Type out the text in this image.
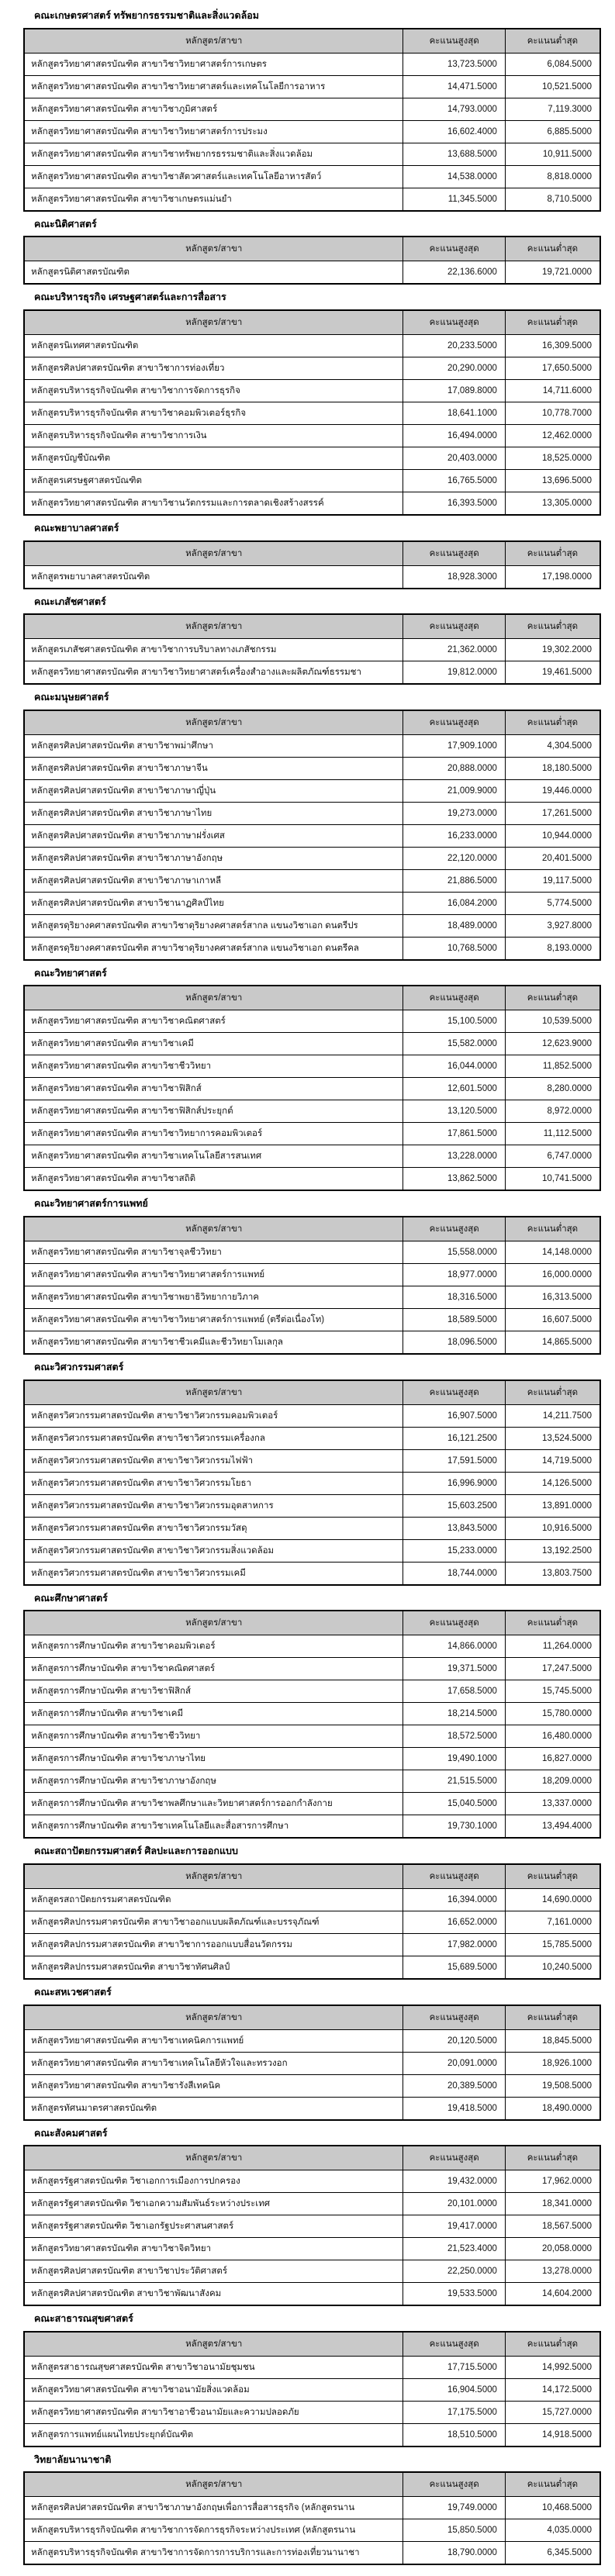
คณะเกษตรศาสตร์ ทรัพยากรธรรมชาติและสิ่งแวดล้อม
หลักสูตร/สาขา	คะแนนสูงสุด	คะแนนต่ำสุด
หลักสูตรวิทยาศาสตรบัณฑิต สาขาวิชาวิทยาศาสตร์การเกษตร	13,723.5000	6,084.5000
หลักสูตรวิทยาศาสตรบัณฑิต สาขาวิชาวิทยาศาสตร์และเทคโนโลยีการอาหาร	14,471.5000	10,521.5000
หลักสูตรวิทยาศาสตรบัณฑิต สาขาวิชาภูมิศาสตร์	14,793.0000	7,119.3000
หลักสูตรวิทยาศาสตรบัณฑิต สาขาวิชาวิทยาศาสตร์การประมง	16,602.4000	6,885.5000
หลักสูตรวิทยาศาสตรบัณฑิต สาขาวิชาทรัพยากรธรรมชาติและสิ่งแวดล้อม	13,688.5000	10,911.5000
หลักสูตรวิทยาศาสตรบัณฑิต สาขาวิชาสัตวศาสตร์และเทคโนโลยีอาหารสัตว์	14,538.0000	8,818.0000
หลักสูตรวิทยาศาสตรบัณฑิต สาขาวิชาเกษตรแม่นยำ	11,345.5000	8,710.5000
คณะนิติศาสตร์
หลักสูตร/สาขา	คะแนนสูงสุด	คะแนนต่ำสุด
หลักสูตรนิติศาสตรบัณฑิต	22,136.6000	19,721.0000
คณะบริหารธุรกิจ เศรษฐศาสตร์และการสื่อสาร
หลักสูตร/สาขา	คะแนนสูงสุด	คะแนนต่ำสุด
หลักสูตรนิเทศศาสตรบัณฑิต	20,233.5000	16,309.5000
หลักสูตรศิลปศาสตรบัณฑิต สาขาวิชาการท่องเที่ยว	20,290.0000	17,650.5000
หลักสูตรบริหารธุรกิจบัณฑิต สาขาวิชาการจัดการธุรกิจ	17,089.8000	14,711.6000
หลักสูตรบริหารธุรกิจบัณฑิต สาขาวิชาคอมพิวเตอร์ธุรกิจ	18,641.1000	10,778.7000
หลักสูตรบริหารธุรกิจบัณฑิต สาขาวิชาการเงิน	16,494.0000	12,462.0000
หลักสูตรบัญชีบัณฑิต	20,403.0000	18,525.0000
หลักสูตรเศรษฐศาสตรบัณฑิต	16,765.5000	13,696.5000
หลักสูตรวิทยาศาสตรบัณฑิต สาขาวิชานวัตกรรมและการตลาดเชิงสร้างสรรค์	16,393.5000	13,305.0000
คณะพยาบาลศาสตร์
หลักสูตร/สาขา	คะแนนสูงสุด	คะแนนต่ำสุด
หลักสูตรพยาบาลศาสตรบัณฑิต	18,928.3000	17,198.0000
คณะเภสัชศาสตร์
หลักสูตร/สาขา	คะแนนสูงสุด	คะแนนต่ำสุด
หลักสูตรเภสัชศาสตรบัณฑิต สาขาวิชาการบริบาลทางเภสัชกรรม	21,362.0000	19,302.2000
หลักสูตรวิทยาศาสตรบัณฑิต สาขาวิชาวิทยาศาสตร์เครื่องสำอางและผลิตภัณฑ์ธรรมชา	19,812.0000	19,461.5000
คณะมนุษยศาสตร์
หลักสูตร/สาขา	คะแนนสูงสุด	คะแนนต่ำสุด
หลักสูตรศิลปศาสตรบัณฑิต สาขาวิชาพม่าศึกษา	17,909.1000	4,304.5000
หลักสูตรศิลปศาสตรบัณฑิต สาขาวิชาภาษาจีน	20,888.0000	18,180.5000
หลักสูตรศิลปศาสตรบัณฑิต สาขาวิชาภาษาญี่ปุ่น	21,009.9000	19,446.0000
หลักสูตรศิลปศาสตรบัณฑิต สาขาวิชาภาษาไทย	19,273.0000	17,261.5000
หลักสูตรศิลปศาสตรบัณฑิต สาขาวิชาภาษาฝรั่งเศส	16,233.0000	10,944.0000
หลักสูตรศิลปศาสตรบัณฑิต สาขาวิชาภาษาอังกฤษ	22,120.0000	20,401.5000
หลักสูตรศิลปศาสตรบัณฑิต สาขาวิชาภาษาเกาหลี	21,886.5000	19,117.5000
หลักสูตรศิลปศาสตรบัณฑิต สาขาวิชานาฏศิลป์ไทย	16,084.2000	5,774.5000
หลักสูตรดุริยางคศาสตรบัณฑิต สาขาวิชาดุริยางคศาสตร์สากล แขนงวิชาเอก ดนตรีปร	18,489.0000	3,927.8000
หลักสูตรดุริยางคศาสตรบัณฑิต สาขาวิชาดุริยางคศาสตร์สากล แขนงวิชาเอก ดนตรีคล	10,768.5000	8,193.0000
คณะวิทยาศาสตร์
หลักสูตร/สาขา	คะแนนสูงสุด	คะแนนต่ำสุด
หลักสูตรวิทยาศาสตรบัณฑิต สาขาวิชาคณิตศาสตร์	15,100.5000	10,539.5000
หลักสูตรวิทยาศาสตรบัณฑิต สาขาวิชาเคมี	15,582.0000	12,623.9000
หลักสูตรวิทยาศาสตรบัณฑิต สาขาวิชาชีววิทยา	16,044.0000	11,852.5000
หลักสูตรวิทยาศาสตรบัณฑิต สาขาวิชาฟิสิกส์	12,601.5000	8,280.0000
หลักสูตรวิทยาศาสตรบัณฑิต สาขาวิชาฟิสิกส์ประยุกต์	13,120.5000	8,972.0000
หลักสูตรวิทยาศาสตรบัณฑิต สาขาวิชาวิทยาการคอมพิวเตอร์	17,861.5000	11,112.5000
หลักสูตรวิทยาศาสตรบัณฑิต สาขาวิชาเทคโนโลยีสารสนเทศ	13,228.0000	6,747.0000
หลักสูตรวิทยาศาสตรบัณฑิต สาขาวิชาสถิติ	13,862.5000	10,741.5000
คณะวิทยาศาสตร์การแพทย์
หลักสูตร/สาขา	คะแนนสูงสุด	คะแนนต่ำสุด
หลักสูตรวิทยาศาสตรบัณฑิต สาขาวิชาจุลชีววิทยา	15,558.0000	14,148.0000
หลักสูตรวิทยาศาสตรบัณฑิต สาขาวิชาวิทยาศาสตร์การแพทย์	18,977.0000	16,000.0000
หลักสูตรวิทยาศาสตรบัณฑิต สาขาวิชาพยาธิวิทยากายวิภาค	18,316.5000	16,313.5000
หลักสูตรวิทยาศาสตรบัณฑิต สาขาวิชาวิทยาศาสตร์การแพทย์ (ตรีต่อเนื่องโท)	18,589.5000	16,607.5000
หลักสูตรวิทยาศาสตรบัณฑิต สาขาวิชาชีวเคมีและชีววิทยาโมเลกุล	18,096.5000	14,865.5000
คณะวิศวกรรมศาสตร์
หลักสูตร/สาขา	คะแนนสูงสุด	คะแนนต่ำสุด
หลักสูตรวิศวกรรมศาสตรบัณฑิต สาขาวิชาวิศวกรรมคอมพิวเตอร์	16,907.5000	14,211.7500
หลักสูตรวิศวกรรมศาสตรบัณฑิต สาขาวิชาวิศวกรรมเครื่องกล	16,121.2500	13,524.5000
หลักสูตรวิศวกรรมศาสตรบัณฑิต สาขาวิชาวิศวกรรมไฟฟ้า	17,591.5000	14,719.5000
หลักสูตรวิศวกรรมศาสตรบัณฑิต สาขาวิชาวิศวกรรมโยธา	16,996.9000	14,126.5000
หลักสูตรวิศวกรรมศาสตรบัณฑิต สาขาวิชาวิศวกรรมอุตสาหการ	15,603.2500	13,891.0000
หลักสูตรวิศวกรรมศาสตรบัณฑิต สาขาวิชาวิศวกรรมวัสดุ	13,843.5000	10,916.5000
หลักสูตรวิศวกรรมศาสตรบัณฑิต สาขาวิชาวิศวกรรมสิ่งแวดล้อม	15,233.0000	13,192.2500
หลักสูตรวิศวกรรมศาสตรบัณฑิต สาขาวิชาวิศวกรรมเคมี	18,744.0000	13,803.7500
คณะศึกษาศาสตร์
หลักสูตร/สาขา	คะแนนสูงสุด	คะแนนต่ำสุด
หลักสูตรการศึกษาบัณฑิต สาขาวิชาคอมพิวเตอร์	14,866.0000	11,264.0000
หลักสูตรการศึกษาบัณฑิต สาขาวิชาคณิตศาสตร์	19,371.5000	17,247.5000
หลักสูตรการศึกษาบัณฑิต สาขาวิชาฟิสิกส์	17,658.5000	15,745.5000
หลักสูตรการศึกษาบัณฑิต สาขาวิชาเคมี	18,214.5000	15,780.0000
หลักสูตรการศึกษาบัณฑิต สาขาวิชาชีววิทยา	18,572.5000	16,480.0000
หลักสูตรการศึกษาบัณฑิต สาขาวิชาภาษาไทย	19,490.1000	16,827.0000
หลักสูตรการศึกษาบัณฑิต สาขาวิชาภาษาอังกฤษ	21,515.5000	18,209.0000
หลักสูตรการศึกษาบัณฑิต สาขาวิชาพลศึกษาและวิทยาศาสตร์การออกกำลังกาย	15,040.5000	13,337.0000
หลักสูตรการศึกษาบัณฑิต สาขาวิชาเทคโนโลยีและสื่อสารการศึกษา	19,730.1000	13,494.4000
คณะสถาปัตยกรรมศาสตร์ ศิลปะและการออกแบบ
หลักสูตร/สาขา	คะแนนสูงสุด	คะแนนต่ำสุด
หลักสูตรสถาปัตยกรรมศาสตรบัณฑิต	16,394.0000	14,690.0000
หลักสูตรศิลปกรรมศาตรบัณฑิต สาขาวิชาออกแบบผลิตภัณฑ์และบรรจุภัณฑ์	16,652.0000	7,161.0000
หลักสูตรศิลปกรรมศาสตรบัณฑิต สาขาวิชาการออกแบบสื่อนวัตกรรม	17,982.0000	15,785.5000
หลักสูตรศิลปกรรมศาสตรบัณฑิต สาขาวิชาทัศนศิลป์	15,689.5000	10,240.5000
คณะสหเวชศาสตร์
หลักสูตร/สาขา	คะแนนสูงสุด	คะแนนต่ำสุด
หลักสูตรวิทยาศาสตรบัณฑิต สาขาวิชาเทคนิคการแพทย์	20,120.5000	18,845.5000
หลักสูตรวิทยาศาสตรบัณฑิต สาขาวิชาเทคโนโลยีหัวใจและทรวงอก	20,091.0000	18,926.1000
หลักสูตรวิทยาศาสตรบัณฑิต สาขาวิชารังสีเทคนิค	20,389.5000	19,508.5000
หลักสูตรทัศนมาตรศาสตรบัณฑิต	19,418.5000	18,490.0000
คณะสังคมศาสตร์
หลักสูตร/สาขา	คะแนนสูงสุด	คะแนนต่ำสุด
หลักสูตรรัฐศาสตรบัณฑิต วิชาเอกการเมืองการปกครอง	19,432.0000	17,962.0000
หลักสูตรรัฐศาสตรบัณฑิต วิชาเอกความสัมพันธ์ระหว่างประเทศ	20,101.0000	18,341.0000
หลักสูตรรัฐศาสตรบัณฑิต วิชาเอกรัฐประศาสนศาสตร์	19,417.0000	18,567.5000
หลักสูตรวิทยาศาสตรบัณฑิต สาขาวิชาจิตวิทยา	21,523.4000	20,058.0000
หลักสูตรศิลปศาสตรบัณฑิต สาขาวิชาประวัติศาสตร์	22,250.0000	13,278.0000
หลักสูตรศิลปศาสตรบัณฑิต สาขาวิชาพัฒนาสังคม	19,533.5000	14,604.2000
คณะสาธารณสุขศาสตร์
หลักสูตร/สาขา	คะแนนสูงสุด	คะแนนต่ำสุด
หลักสูตรสาธารณสุขศาสตรบัณฑิต สาขาวิชาอนามัยชุมชน	17,715.5000	14,992.5000
หลักสูตรวิทยาศาสตรบัณฑิต สาขาวิชาอนามัยสิ่งแวดล้อม	16,904.5000	14,172.5000
หลักสูตรวิทยาศาสตรบัณฑิต สาขาวิชาอาชีวอนามัยและความปลอดภัย	17,175.5000	15,727.0000
หลักสูตรการแพทย์แผนไทยประยุกต์บัณฑิต	18,510.5000	14,918.5000
วิทยาลัยนานาชาติ
หลักสูตร/สาขา	คะแนนสูงสุด	คะแนนต่ำสุด
หลักสูตรศิลปศาสตรบัณฑิต สาขาวิชาภาษาอังกฤษเพื่อการสื่อสารธุรกิจ (หลักสูตรนาน	19,749.0000	10,468.5000
หลักสูตรบริหารธุรกิจบัณฑิต สาขาวิชาการจัดการธุรกิจระหว่างประเทศ (หลักสูตรนาน	15,850.5000	4,035.0000
หลักสูตรบริหารธุรกิจบัณฑิต สาขาวิชาการจัดการการบริการและการท่องเที่ยวนานาชา	18,790.0000	6,345.5000
